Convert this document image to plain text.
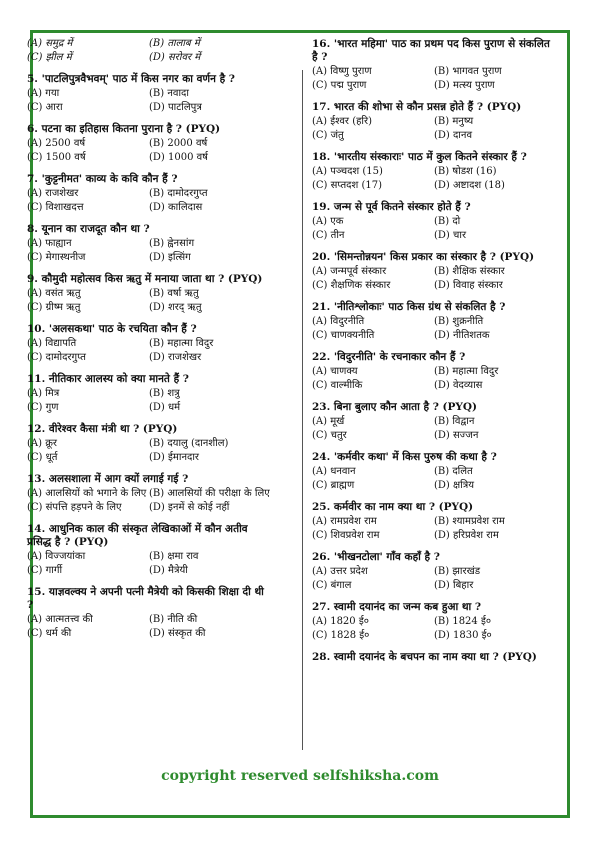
(A) समुद्र में	(B) तालाब में
(C) झील में	(D) सरोवर में
5. 'पाटलिपुत्रवैभवम्' पाठ में किस नगर का वर्णन है ?
(A) गया	(B) नवादा
(C) आरा	(D) पाटलिपुत्र
6. पटना का इतिहास कितना पुराना है ? (PYQ)
(A) 2500 वर्ष	(B) 2000 वर्ष
(C) 1500 वर्ष	(D) 1000 वर्ष
7. 'कुट्टनीमत' काव्य के कवि कौन हैं ?
(A) राजशेखर	(B) दामोदरगुप्त
(C) विशाखदत्त	(D) कालिदास
8. यूनान का राजदूत कौन था ?
(A) फाह्यान	(B) ह्वेनसांग
(C) मेगास्थनीज	(D) इत्सिंग
9. कौमुदी महोत्सव किस ऋतु में मनाया जाता था ? (PYQ)
(A) वसंत ऋतु	(B) वर्षा ऋतु
(C) ग्रीष्म ऋतु	(D) शरद् ऋतु
10. 'अलसकथा' पाठ के रचयिता कौन हैं ?
(A) विद्यापति	(B) महात्मा विदुर
(C) दामोदरगुप्त	(D) राजशेखर
11. नीतिकार आलस्य को क्या मानते हैं ?
(A) मित्र	(B) शत्रु
(C) गुण	(D) धर्म
12. वीरेश्वर कैसा मंत्री था ? (PYQ)
(A) क्रूर	(B) दयालु (दानशील)
(C) धूर्त	(D) ईमानदार
13. अलसशाला में आग क्यों लगाई गई ?
(A) आलसियों को भगाने के लिए (B) आलसियों की परीक्षा के लिए
(C) संपत्ति हड़पने के लिए	(D) इनमें से कोई नहीं
14. आधुनिक काल की संस्कृत लेखिकाओं में कौन अतीव प्रसिद्ध है ? (PYQ)
(A) विज्जयांका	(B) क्षमा राव
(C) गार्गी	(D) मैत्रेयी
15. याज्ञवल्क्य ने अपनी पत्नी मैत्रेयी को किसकी शिक्षा दी थी ?
(A) आत्मतत्त्व की	(B) नीति की
(C) धर्म की	(D) संस्कृत की
16. 'भारत महिमा' पाठ का प्रथम पद किस पुराण से संकलित है ?
(A) विष्णु पुराण	(B) भागवत पुराण
(C) पद्म पुराण	(D) मत्स्य पुराण
17. भारत की शोभा से कौन प्रसन्न होते हैं ? (PYQ)
(A) ईश्वर (हरि)	(B) मनुष्य
(C) जंतु	(D) दानव
18. 'भारतीय संस्काराः' पाठ में कुल कितने संस्कार हैं ?
(A) पञ्चदश (15)	(B) षोडश (16)
(C) सप्तदश (17)	(D) अष्टादश (18)
19. जन्म से पूर्व कितने संस्कार होते हैं ?
(A) एक	(B) दो
(C) तीन	(D) चार
20. 'सिमन्तोन्नयन' किस प्रकार का संस्कार है ? (PYQ)
(A) जन्मपूर्व संस्कार	(B) शैक्षिक संस्कार
(C) शैक्षणिक संस्कार	(D) विवाह संस्कार
21. 'नीतिश्लोकाः' पाठ किस ग्रंथ से संकलित है ?
(A) विदुरनीति	(B) शुक्रनीति
(C) चाणक्यनीति	(D) नीतिशतक
22. 'विदुरनीति' के रचनाकार कौन हैं ?
(A) चाणक्य	(B) महात्मा विदुर
(C) वाल्मीकि	(D) वेदव्यास
23. बिना बुलाए कौन आता है ? (PYQ)
(A) मूर्ख	(B) विद्वान
(C) चतुर	(D) सज्जन
24. 'कर्मवीर कथा' में किस पुरुष की कथा है ?
(A) धनवान	(B) दलित
(C) ब्राह्मण	(D) क्षत्रिय
25. कर्मवीर का नाम क्या था ? (PYQ)
(A) रामप्रवेश राम	(B) श्यामप्रवेश राम
(C) शिवप्रवेश राम	(D) हरिप्रवेश राम
26. 'भीखनटोला' गाँव कहाँ है ?
(A) उत्तर प्रदेश	(B) झारखंड
(C) बंगाल	(D) बिहार
27. स्वामी दयानंद का जन्म कब हुआ था ?
(A) 1820 ई०	(B) 1824 ई०
(C) 1828 ई०	(D) 1830 ई०
28. स्वामी दयानंद के बचपन का नाम क्या था ? (PYQ)
copyright reserved selfshiksha.com
